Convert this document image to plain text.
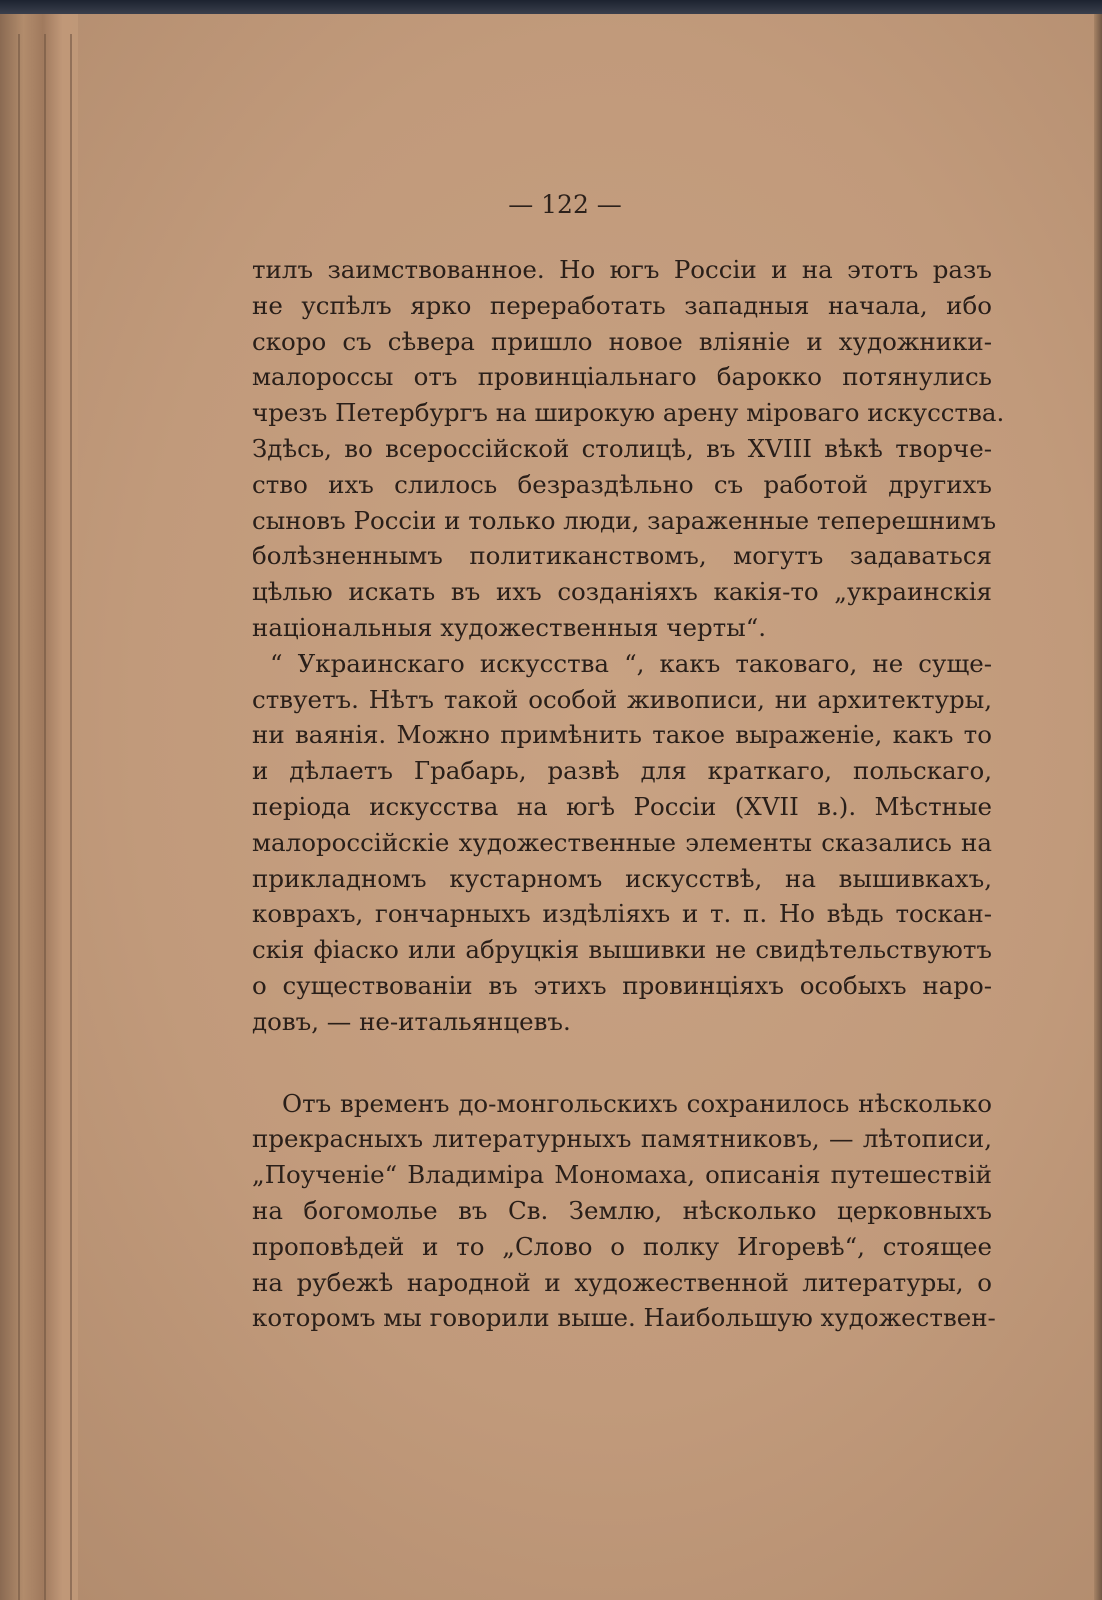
— 122 —
тилъ заимствованное. Но югъ Россіи и на этотъ разъ
не успѣлъ ярко переработать западныя начала, ибо
скоро съ сѣвера пришло новое вліяніе и художники-
малороссы отъ провинціальнаго барокко потянулись
чрезъ Петербургъ на широкую арену міроваго искусства.
Здѣсь, во всероссійской столицѣ, въ XVIII вѣкѣ творче-
ство ихъ слилось безраздѣльно съ работой другихъ
сыновъ Россіи и только люди, зараженные теперешнимъ
болѣзненнымъ политиканствомъ, могутъ задаваться
цѣлью искать въ ихъ созданіяхъ какія-то „украинскія
національныя художественныя черты“.
“ Украинскаго искусства “, какъ таковаго, не суще-
ствуетъ. Нѣтъ такой особой живописи, ни архитектуры,
ни ваянія. Можно примѣнить такое выраженіе, какъ то
и дѣлаетъ Грабарь, развѣ для краткаго, польскаго,
періода искусства на югѣ Россіи (XVII в.). Мѣстные
малороссійскіе художественные элементы сказались на
прикладномъ кустарномъ искусствѣ, на вышивкахъ,
коврахъ, гончарныхъ издѣліяхъ и т. п. Но вѣдь тоскан-
скія фіаско или абруцкія вышивки не свидѣтельствуютъ
о существованіи въ этихъ провинціяхъ особыхъ наро-
довъ, — не-итальянцевъ.
Отъ временъ до-монгольскихъ сохранилось нѣсколько
прекрасныхъ литературныхъ памятниковъ, — лѣтописи,
„Поученіе“ Владиміра Мономаха, описанія путешествій
на богомолье въ Св. Землю, нѣсколько церковныхъ
проповѣдей и то „Слово о полку Игоревѣ“, стоящее
на рубежѣ народной и художественной литературы, о
которомъ мы говорили выше. Наибольшую художествен-
